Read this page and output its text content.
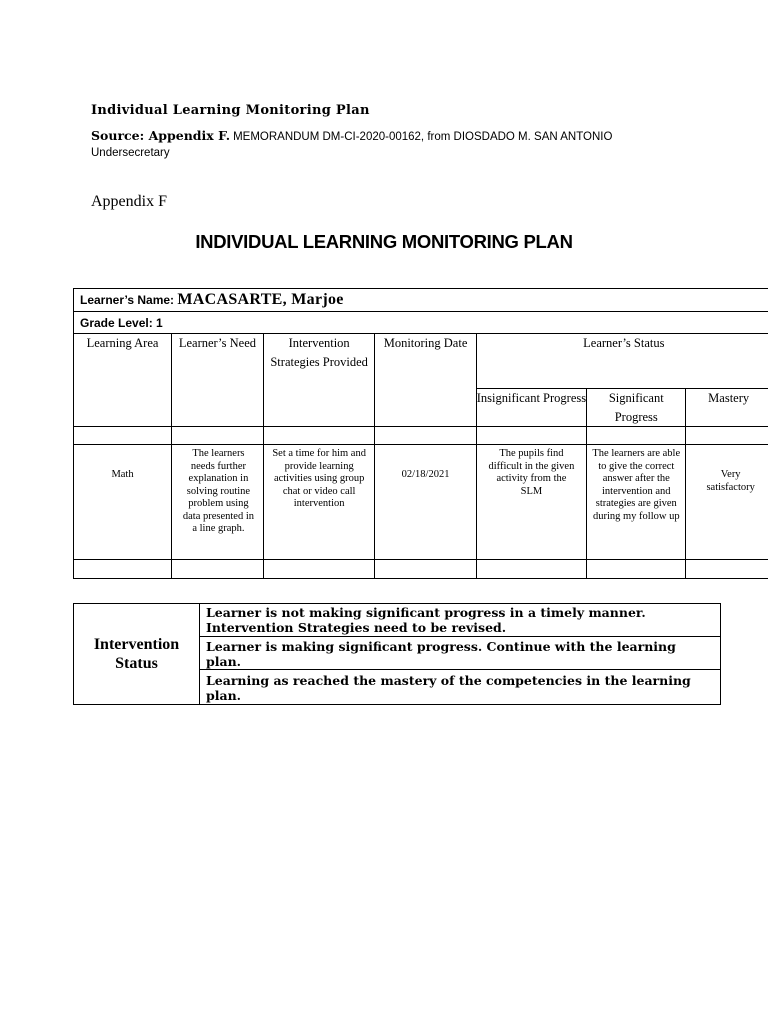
Individual Learning Monitoring Plan
Source: Appendix F. MEMORANDUM DM-CI-2020-00162, from DIOSDADO M. SAN ANTONIO
Undersecretary
Appendix F
INDIVIDUAL LEARNING MONITORING PLAN
Learner’s Name: MACASARTE, Marjoe						
Grade Level: 1						
Learning Area	Learner’s Need	Intervention Strategies Provided	Monitoring Date	Learner’s Status		
				Insignificant Progress	Significant Progress	Mastery

Math	The learners needs further explanation in solving routine problem using data presented in a line graph.	Set a time for him and provide learning activities using group chat or video call intervention	02/18/2021	The pupils find difficult in the given activity from the SLM	The learners are able to give the correct answer after the intervention and strategies are given during my follow up	Very satisfactory

Intervention Status	Learner is not making significant progress in a timely manner. Intervention Strategies need to be revised.
Learner is making significant progress. Continue with the learning plan.
Learning as reached the mastery of the competencies in the learning plan.
